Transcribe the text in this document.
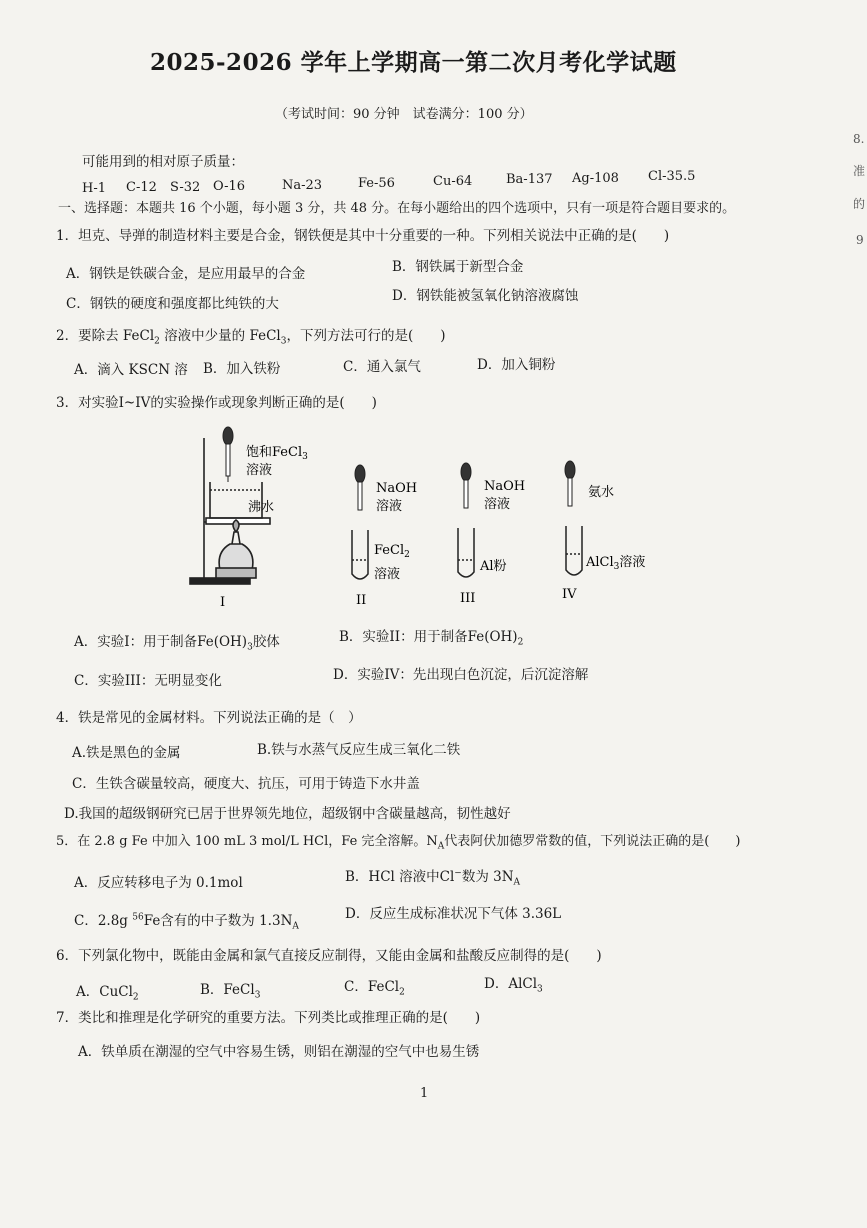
2025-2026 学年上学期高一第二次月考化学试题
（考试时间：90 分钟　试卷满分：100 分）
8.
准
的
9
可能用到的相对原子质量：
H-1 C-12 S-32 O-16	Na-23	Fe-56	Cu-64	Ba-137 Ag-108 Cl-35.5
一、选择题：本题共 16 个小题，每小题 3 分，共 48 分。在每小题给出的四个选项中，只有一项是符合题目要求的。
1．坦克、导弹的制造材料主要是合金，钢铁便是其中十分重要的一种。下列相关说法中正确的是(　　)
A．钢铁是铁碳合金，是应用最早的合金	B．钢铁属于新型合金
C．钢铁的硬度和强度都比纯铁的大	D．钢铁能被氢氧化钠溶液腐蚀
2．要除去 FeCl$_2$ 溶液中少量的 FeCl$_3$，下列方法可行的是(　　)
A．滴入 KSCN 溶 B．加入铁粉	C．通入氯气	D．加入铜粉
3．对实验I~IV的实验操作或现象判断正确的是(　　)
饱和FeCl$_3$
溶液
沸水
I
NaOH
溶液
FeCl$_2$
溶液
II
NaOH
溶液
Al粉
III
氨水
AlCl$_3$溶液
IV
A．实验I：用于制备$Fe(OH)_3$胶体	B．实验II：用于制备$Fe(OH)_2$
C．实验III：无明显变化	D．实验IV：先出现白色沉淀，后沉淀溶解
4．铁是常见的金属材料。下列说法正确的是（　）
A.铁是黑色的金属	B.铁与水蒸气反应生成三氧化二铁
C．生铁含碳量较高，硬度大、抗压，可用于铸造下水井盖
D.我国的超级钢研究已居于世界领先地位，超级钢中含碳量越高，韧性越好
5．在 2.8 g Fe 中加入 100 mL 3 mol/L HCl，Fe 完全溶解。$N_A$代表阿伏加德罗常数的值，下列说法正确的是(　　)
A．反应转移电子为 0.1mol	B．HCl 溶液中Cl−数为 $3N_A$
C．2.8g $^{56}$Fe含有的中子数为 $1.3N_A$
D．反应生成标准状况下气体 3.36L
6．下列氯化物中，既能由金属和氯气直接反应制得，又能由金属和盐酸反应制得的是(　　)
A．CuCl$_2$	B．FeCl$_3$
C．FeCl$_2$
D．AlCl$_3$
7．类比和推理是化学研究的重要方法。下列类比或推理正确的是(　　)
A．铁单质在潮湿的空气中容易生锈，则铝在潮湿的空气中也易生锈
1
